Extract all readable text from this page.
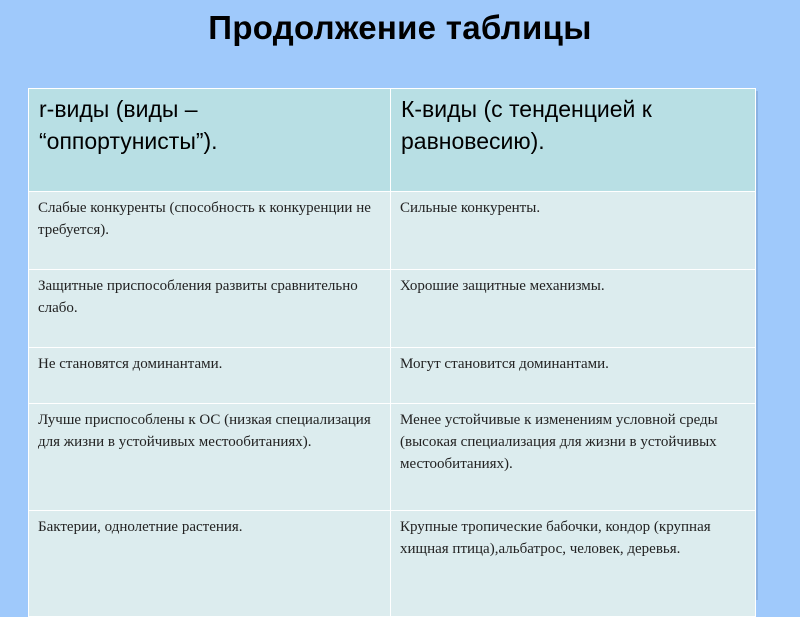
Продолжение таблицы
r-виды (виды – “оппортунисты”).	К-виды (с тенденцией к равновесию).
Слабые конкуренты (способность к конкуренции не требуется).	Сильные конкуренты.
Защитные приспособления развиты сравнительно слабо.	Хорошие защитные механизмы.
Не становятся доминантами.	Могут становится доминантами.
Лучше приспособлены к ОС (низкая специализация для жизни в устойчивых местообитаниях).	Менее устойчивые к изменениям условной среды (высокая специализация для жизни в устойчивых местообитаниях).
Бактерии, однолетние растения.	Крупные тропические бабочки, кондор (крупная хищная птица),альбатрос, человек, деревья.
